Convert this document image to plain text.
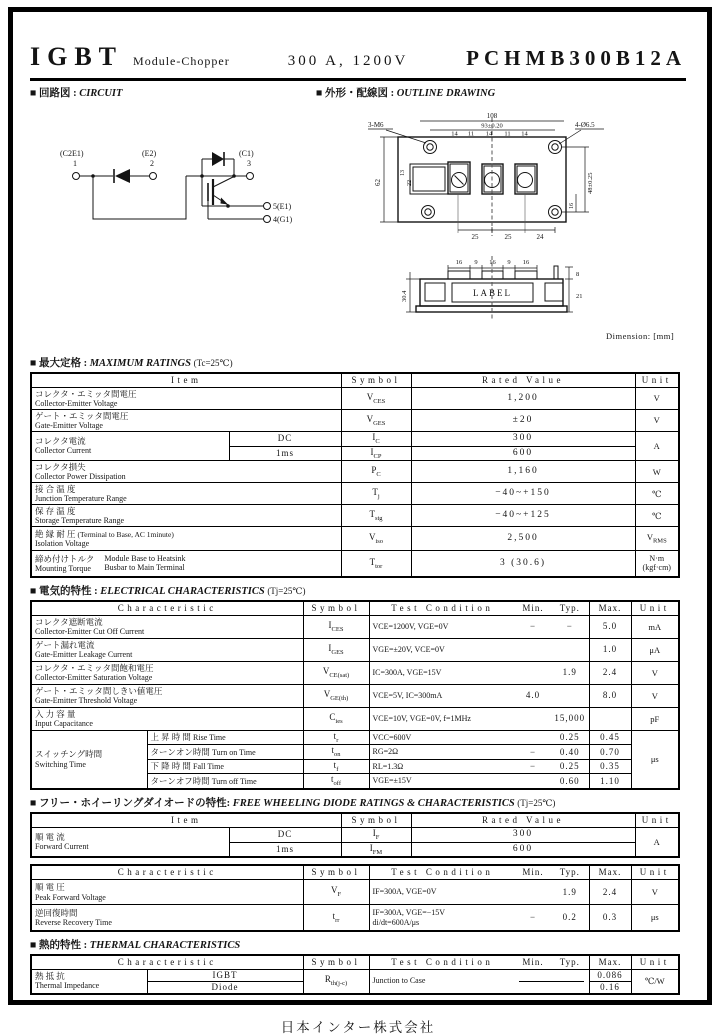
IGBT Module-Chopper	300 A, 1200V	PCHMB300B12A
■ 回路図 : CIRCUIT	■ 外形・配線図 : OUTLINE DRAWING
(C2E1)
1
(E2)
2
(C1)
3
5(E1)
4(G1)
108
93±0.20
14 11 14 11 14
3-M6	4-Ø6.5
62
13
22	48±0.25
16
25	25	24
16 9 16 9 16
30.4
8
21
LABEL
Dimension: [mm]
■ 最大定格 : MAXIMUM RATINGS (Tc=25℃)
Item		Symbol	Rated Value	Unit

コレクタ・エミッタ間電圧
Collector-Emitter Voltage		$V_{CES}$	1,200	V

ゲート・エミッタ間電圧
Gate-Emitter Voltage		$V_{GES}$	±20	V

コレクタ電流
Collector Current	DC	$I_C$	300	A
	1ms	$I_{CP}$	600	

コレクタ損失
Collector Power Dissipation		$P_C$	1,160	W

接 合 温 度
Junction Temperature Range		$T_j$	−40~+150	℃

保 存 温 度
Storage Temperature Range		$T_{stg}$	−40~+125	℃

絶 縁 耐 圧 (Terminal to Base, AC 1minute)
Isolation Voltage		$V_{iso}$	2,500	$V_{RMS}$

締め付けトルク
Mounting Torque
Module Base to Heatsink
Busbar to Main Terminal		$T_{tor}$	3 (30.6)	N·m
(kgf·cm)
■ 電気的特性 : ELECTRICAL CHARACTERISTICS (Tj=25℃)
Characteristic		Symbol	Test Condition	Min.	Typ.	Max.	Unit

コレクタ遮断電流
Collector-Emitter Cut Off Current		$I_{CES}$	VCE=1200V, VGE=0V	−	−	5.0	mA

ゲート漏れ電流
Gate-Emitter Leakage Current		$I_{GES}$	VGE=±20V, VCE=0V			1.0	μA

コレクタ・エミッタ間飽和電圧
Collector-Emitter Saturation Voltage		$V_{CE(sat)}$	IC=300A, VGE=15V		1.9	2.4	V

ゲート・エミッタ間しきい値電圧
Gate-Emitter Threshold Voltage		$V_{GE(th)}$	VCE=5V, IC=300mA	4.0		8.0	V

入 力 容 量
Input Capacitance		$C_{ies}$	VCE=10V, VGE=0V, f=1MHz		15,000		pF

スイッチング時間
Switching Time	上 昇 時 間 Rise Time	$t_r$	VCC=600V		0.25	0.45	μs
	ターンオン時間 Turn on Time	$t_{on}$	RG=2Ω	−	0.40	0.70	
	下 降 時 間 Fall Time	$t_f$	RL=1.3Ω	−	0.25	0.35	
	ターンオフ時間 Turn off Time	$t_{off}$	VGE=±15V		0.60	1.10	
■ フリー・ホイーリングダイオードの特性: FREE WHEELING DIODE RATINGS & CHARACTERISTICS (Tj=25℃)
Item		Symbol	Rated Value	Unit

順 電 流
Forward Current	DC	$I_F$	300	A
	1ms	$I_{FM}$	600	
Characteristic	Symbol	Test Condition	Min.	Typ.	Max.	Unit

順 電 圧
Peak Forward Voltage	$V_F$	IF=300A, VGE=0V		1.9	2.4	V

逆回復時間
Reverse Recovery Time	$t_{rr}$	IF=300A, VGE=−15V
di/dt=600A/μs	−	0.2	0.3	μs
■ 熱的特性 : THERMAL CHARACTERISTICS
Characteristic		Symbol	Test Condition	Min.	Typ.	Max.	Unit

熱 抵 抗
Thermal Impedance	IGBT	$R_{th(j-c)}$	Junction to Case			0.086	℃/W
	Diode					0.16	
日本インター株式会社
